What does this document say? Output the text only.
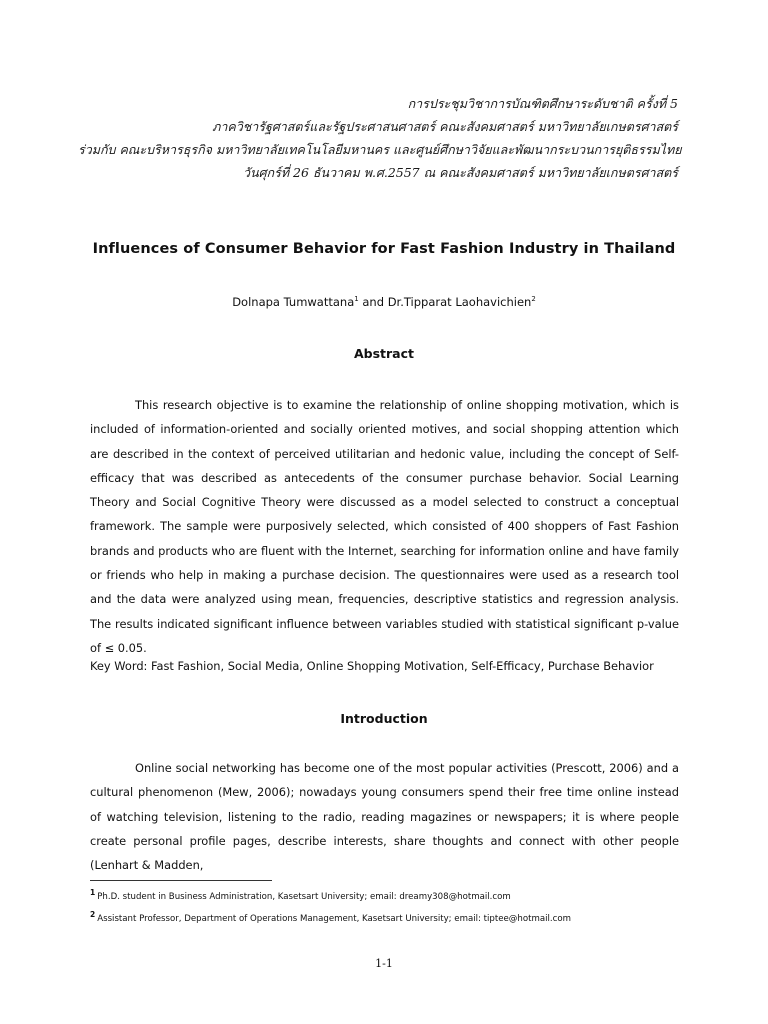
การประชุมวิชาการบัณฑิตศึกษาระดับชาติ ครั้งที่ 5
ภาควิชารัฐศาสตร์และรัฐประศาสนศาสตร์ คณะสังคมศาสตร์ มหาวิทยาลัยเกษตรศาสตร์
ร่วมกับ คณะบริหารธุรกิจ มหาวิทยาลัยเทคโนโลยีมหานคร และศูนย์ศึกษาวิจัยและพัฒนากระบวนการยุติธรรมไทย
วันศุกร์ที่ 26 ธันวาคม พ.ศ.2557 ณ คณะสังคมศาสตร์ มหาวิทยาลัยเกษตรศาสตร์
Influences of Consumer Behavior for Fast Fashion Industry in Thailand
Dolnapa Tumwattana$^1$ and Dr.Tipparat Laohavichien$^2$
Abstract

This research objective is to examine the relationship of online shopping motivation, which is included of information-oriented and socially oriented motives, and social shopping attention which are described in the context of perceived utilitarian and hedonic value, including the concept of Self-efficacy that was described as antecedents of the consumer purchase behavior. Social Learning Theory and Social Cognitive Theory were discussed as a model selected to construct a conceptual framework. The sample were purposively selected, which consisted of 400 shoppers of Fast Fashion brands and products who are fluent with the Internet, searching for information online and have family or friends who help in making a purchase decision. The questionnaires were used as a research tool and the data were analyzed using mean, frequencies, descriptive statistics and regression analysis. The results indicated significant influence between variables studied with statistical significant p-value of ≤ 0.05.

Key Word: Fast Fashion, Social Media, Online Shopping Motivation, Self-Efficacy, Purchase Behavior
Introduction

Online social networking has become one of the most popular activities (Prescott, 2006) and a cultural phenomenon (Mew, 2006); nowadays young consumers spend their free time online instead of watching television, listening to the radio, reading magazines or newspapers; it is where people create personal profile pages, describe interests, share thoughts and connect with other people (Lenhart & Madden,

$^1$ Ph.D. student in Business Administration, Kasetsart University; email: dreamy308@hotmail.com
$^2$ Assistant Professor, Department of Operations Management, Kasetsart University; email: tiptee@hotmail.com
1-1
